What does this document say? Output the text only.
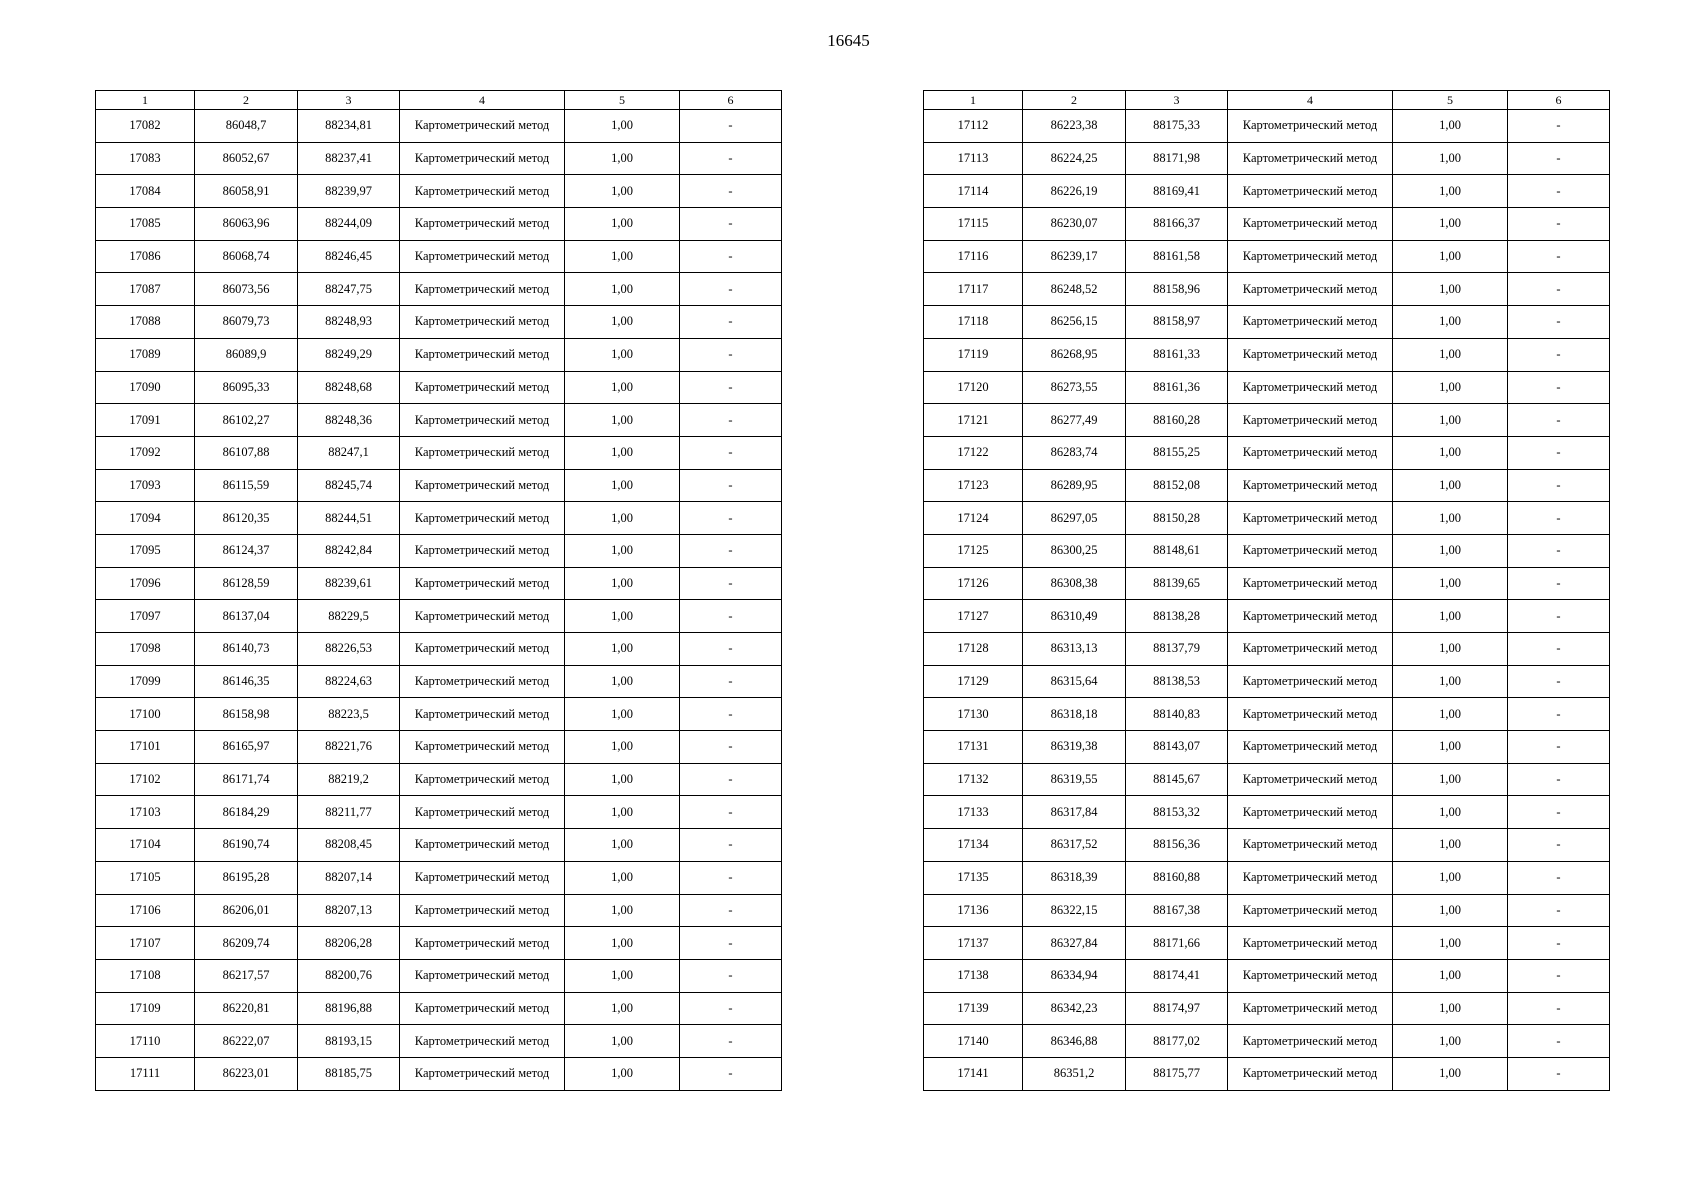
16645
1	2	3	4	5	6
17082	86048,7	88234,81	Картометрический метод	1,00	-
17083	86052,67	88237,41	Картометрический метод	1,00	-
17084	86058,91	88239,97	Картометрический метод	1,00	-
17085	86063,96	88244,09	Картометрический метод	1,00	-
17086	86068,74	88246,45	Картометрический метод	1,00	-
17087	86073,56	88247,75	Картометрический метод	1,00	-
17088	86079,73	88248,93	Картометрический метод	1,00	-
17089	86089,9	88249,29	Картометрический метод	1,00	-
17090	86095,33	88248,68	Картометрический метод	1,00	-
17091	86102,27	88248,36	Картометрический метод	1,00	-
17092	86107,88	88247,1	Картометрический метод	1,00	-
17093	86115,59	88245,74	Картометрический метод	1,00	-
17094	86120,35	88244,51	Картометрический метод	1,00	-
17095	86124,37	88242,84	Картометрический метод	1,00	-
17096	86128,59	88239,61	Картометрический метод	1,00	-
17097	86137,04	88229,5	Картометрический метод	1,00	-
17098	86140,73	88226,53	Картометрический метод	1,00	-
17099	86146,35	88224,63	Картометрический метод	1,00	-
17100	86158,98	88223,5	Картометрический метод	1,00	-
17101	86165,97	88221,76	Картометрический метод	1,00	-
17102	86171,74	88219,2	Картометрический метод	1,00	-
17103	86184,29	88211,77	Картометрический метод	1,00	-
17104	86190,74	88208,45	Картометрический метод	1,00	-
17105	86195,28	88207,14	Картометрический метод	1,00	-
17106	86206,01	88207,13	Картометрический метод	1,00	-
17107	86209,74	88206,28	Картометрический метод	1,00	-
17108	86217,57	88200,76	Картометрический метод	1,00	-
17109	86220,81	88196,88	Картометрический метод	1,00	-
17110	86222,07	88193,15	Картометрический метод	1,00	-
17111	86223,01	88185,75	Картометрический метод	1,00	-
1	2	3	4	5	6
17112	86223,38	88175,33	Картометрический метод	1,00	-
17113	86224,25	88171,98	Картометрический метод	1,00	-
17114	86226,19	88169,41	Картометрический метод	1,00	-
17115	86230,07	88166,37	Картометрический метод	1,00	-
17116	86239,17	88161,58	Картометрический метод	1,00	-
17117	86248,52	88158,96	Картометрический метод	1,00	-
17118	86256,15	88158,97	Картометрический метод	1,00	-
17119	86268,95	88161,33	Картометрический метод	1,00	-
17120	86273,55	88161,36	Картометрический метод	1,00	-
17121	86277,49	88160,28	Картометрический метод	1,00	-
17122	86283,74	88155,25	Картометрический метод	1,00	-
17123	86289,95	88152,08	Картометрический метод	1,00	-
17124	86297,05	88150,28	Картометрический метод	1,00	-
17125	86300,25	88148,61	Картометрический метод	1,00	-
17126	86308,38	88139,65	Картометрический метод	1,00	-
17127	86310,49	88138,28	Картометрический метод	1,00	-
17128	86313,13	88137,79	Картометрический метод	1,00	-
17129	86315,64	88138,53	Картометрический метод	1,00	-
17130	86318,18	88140,83	Картометрический метод	1,00	-
17131	86319,38	88143,07	Картометрический метод	1,00	-
17132	86319,55	88145,67	Картометрический метод	1,00	-
17133	86317,84	88153,32	Картометрический метод	1,00	-
17134	86317,52	88156,36	Картометрический метод	1,00	-
17135	86318,39	88160,88	Картометрический метод	1,00	-
17136	86322,15	88167,38	Картометрический метод	1,00	-
17137	86327,84	88171,66	Картометрический метод	1,00	-
17138	86334,94	88174,41	Картометрический метод	1,00	-
17139	86342,23	88174,97	Картометрический метод	1,00	-
17140	86346,88	88177,02	Картометрический метод	1,00	-
17141	86351,2	88175,77	Картометрический метод	1,00	-
